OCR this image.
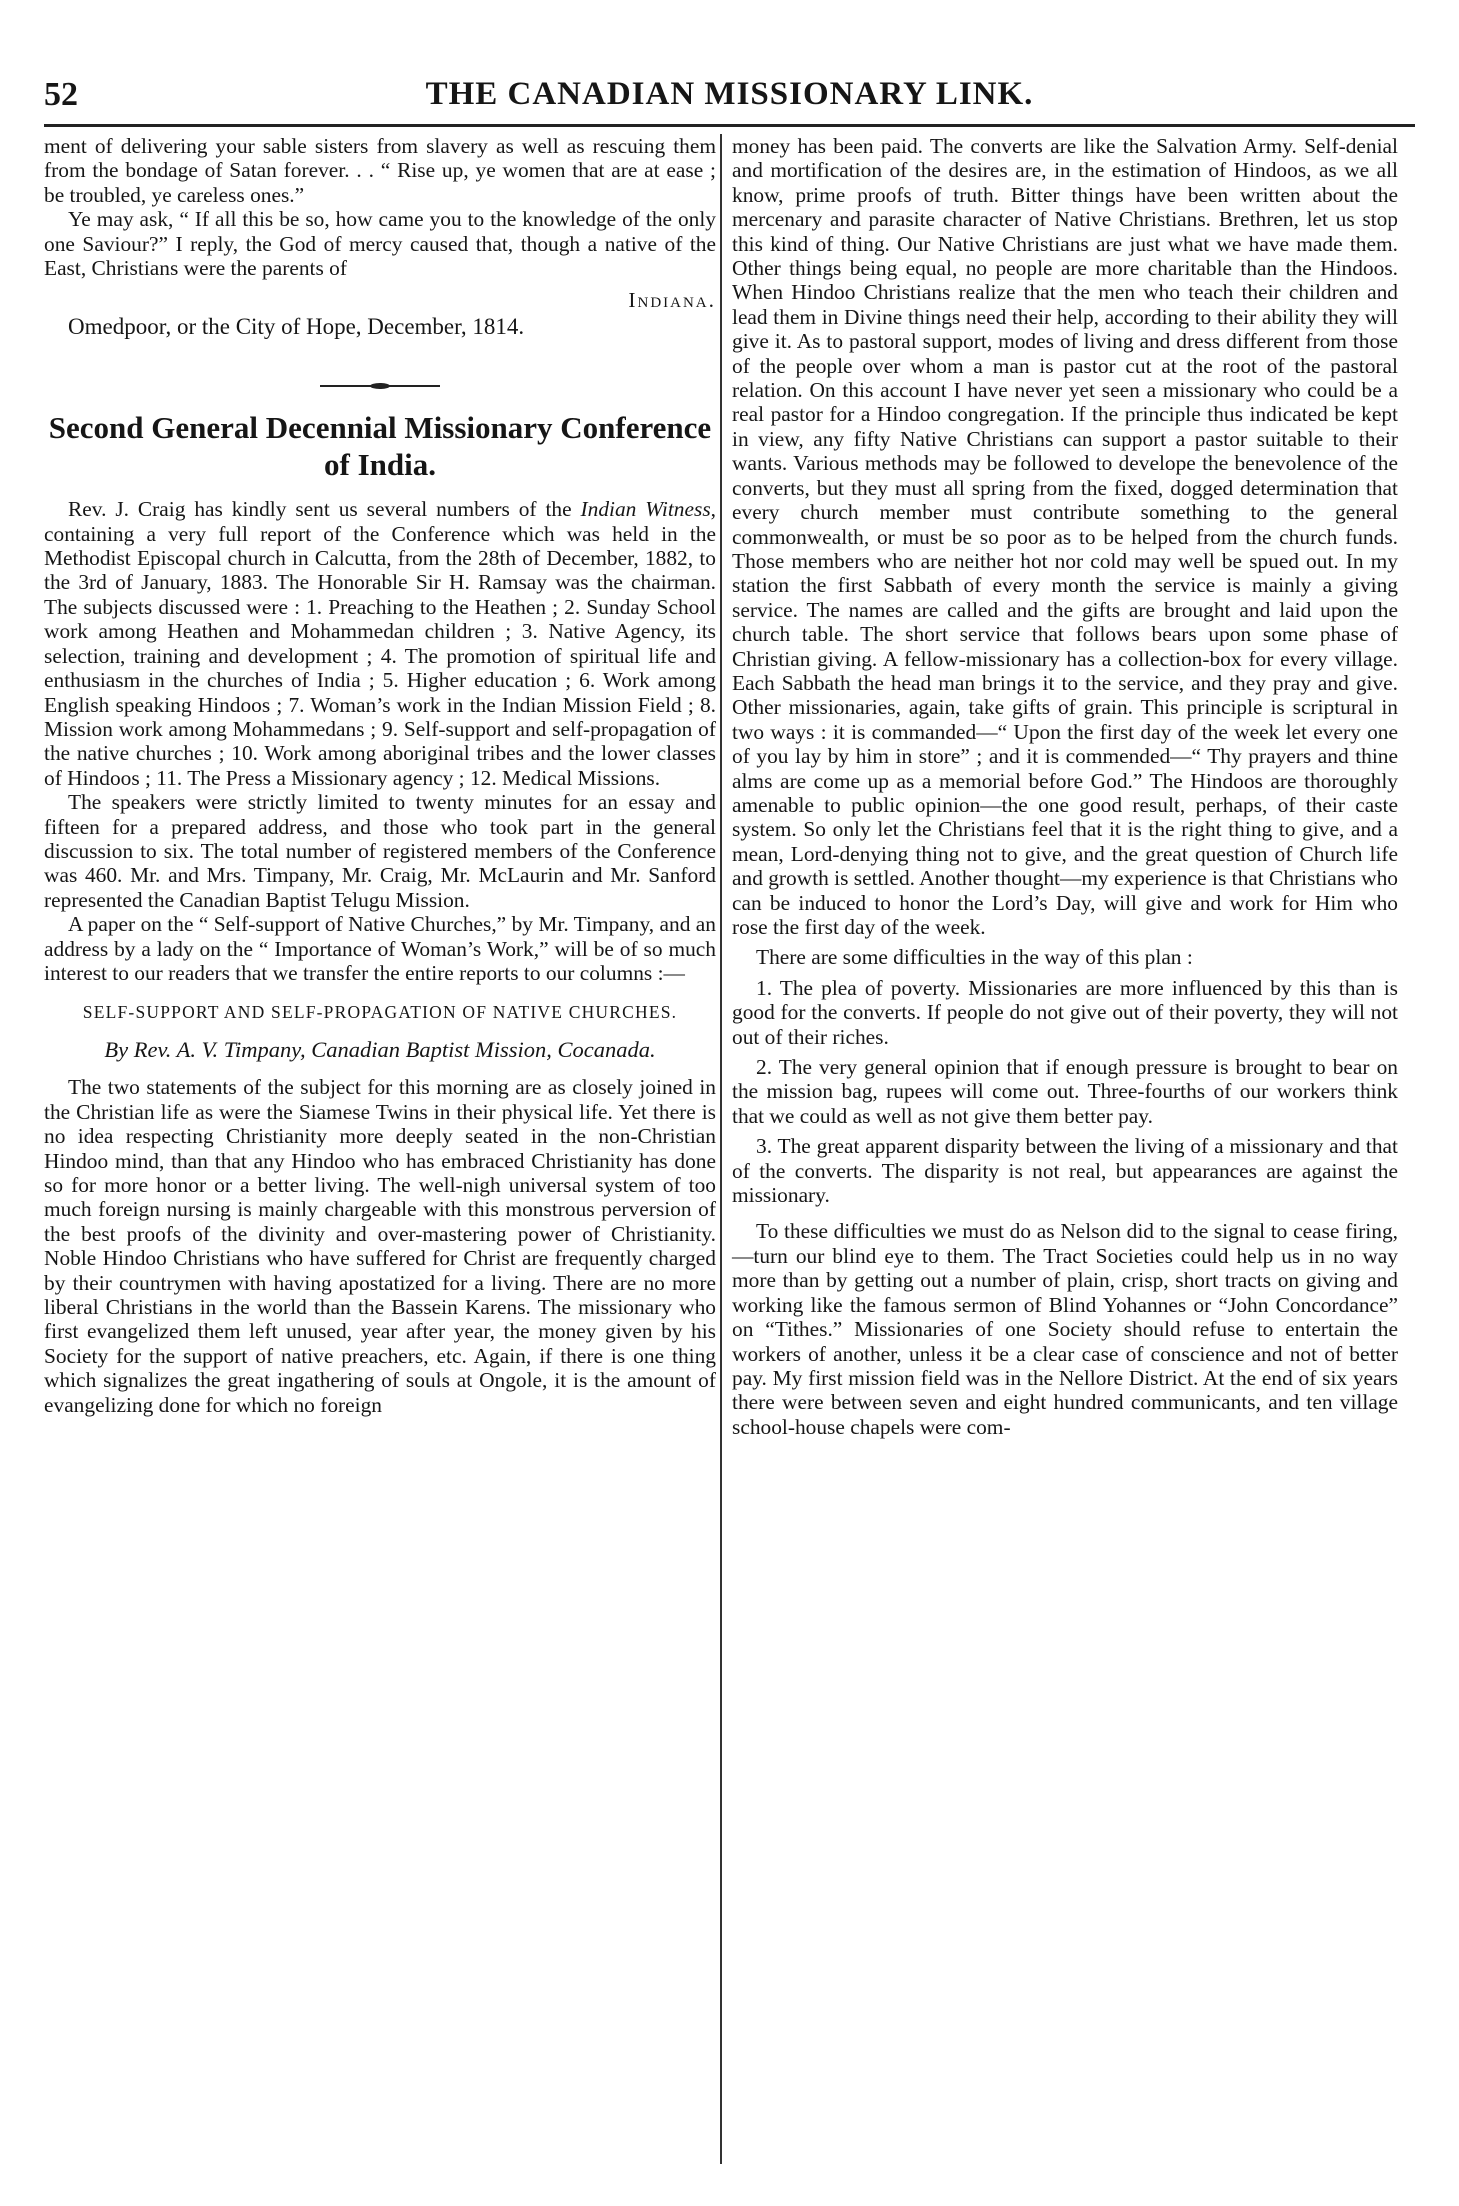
52	THE CANADIAN MISSIONARY LINK.

ment of delivering your sable sisters from slavery as well as rescuing them from the bondage of Satan forever. . . “ Rise up, ye women that are at ease ; be troubled, ye careless ones.”

Ye may ask, “ If all this be so, how came you to the knowledge of the only one Saviour?” I reply, the God of mercy caused that, though a native of the East, Christians were the parents of

Indiana.

Omedpoor, or the City of Hope, December, 1814.

Second General Decennial Missionary Conference of India.

Rev. J. Craig has kindly sent us several numbers of the Indian Witness, containing a very full report of the Conference which was held in the Methodist Episcopal church in Calcutta, from the 28th of December, 1882, to the 3rd of January, 1883. The Honorable Sir H. Ramsay was the chairman. The subjects discussed were : 1. Preaching to the Heathen ; 2. Sunday School work among Heathen and Mohammedan children ; 3. Native Agency, its selection, training and development ; 4. The promotion of spiritual life and enthusiasm in the churches of India ; 5. Higher education ; 6. Work among English speaking Hindoos ; 7. Woman’s work in the Indian Mission Field ; 8. Mission work among Mohammedans ; 9. Self-support and self-propagation of the native churches ; 10. Work among aboriginal tribes and the lower classes of Hindoos ; 11. The Press a Missionary agency ; 12. Medical Missions.

The speakers were strictly limited to twenty minutes for an essay and fifteen for a prepared address, and those who took part in the general discussion to six. The total number of registered members of the Conference was 460. Mr. and Mrs. Timpany, Mr. Craig, Mr. McLaurin and Mr. Sanford represented the Canadian Baptist Telugu Mission.

A paper on the “ Self-support of Native Churches,” by Mr. Timpany, and an address by a lady on the “ Importance of Woman’s Work,” will be of so much interest to our readers that we transfer the entire reports to our columns :—

SELF-SUPPORT AND SELF-PROPAGATION OF NATIVE CHURCHES.
By Rev. A. V. Timpany, Canadian Baptist Mission, Cocanada.

The two statements of the subject for this morning are as closely joined in the Christian life as were the Siamese Twins in their physical life. Yet there is no idea respecting Christianity more deeply seated in the non-Christian Hindoo mind, than that any Hindoo who has embraced Christianity has done so for more honor or a better living. The well-nigh universal system of too much foreign nursing is mainly chargeable with this monstrous perversion of the best proofs of the divinity and over-mastering power of Christianity. Noble Hindoo Christians who have suffered for Christ are frequently charged by their countrymen with having apostatized for a living. There are no more liberal Christians in the world than the Bassein Karens. The missionary who first evangelized them left unused, year after year, the money given by his Society for the support of native preachers, etc. Again, if there is one thing which signalizes the great ingathering of souls at Ongole, it is the amount of evangelizing done for which no foreign

money has been paid. The converts are like the Salvation Army. Self-denial and mortification of the desires are, in the estimation of Hindoos, as we all know, prime proofs of truth. Bitter things have been written about the mercenary and parasite character of Native Christians. Brethren, let us stop this kind of thing. Our Native Christians are just what we have made them. Other things being equal, no people are more charitable than the Hindoos. When Hindoo Christians realize that the men who teach their children and lead them in Divine things need their help, according to their ability they will give it. As to pastoral support, modes of living and dress different from those of the people over whom a man is pastor cut at the root of the pastoral relation. On this account I have never yet seen a missionary who could be a real pastor for a Hindoo congregation. If the principle thus indicated be kept in view, any fifty Native Christians can support a pastor suitable to their wants. Various methods may be followed to develope the benevolence of the converts, but they must all spring from the fixed, dogged determination that every church member must contribute something to the general commonwealth, or must be so poor as to be helped from the church funds. Those members who are neither hot nor cold may well be spued out. In my station the first Sabbath of every month the service is mainly a giving service. The names are called and the gifts are brought and laid upon the church table. The short service that follows bears upon some phase of Christian giving. A fellow-missionary has a collection-box for every village. Each Sabbath the head man brings it to the service, and they pray and give. Other missionaries, again, take gifts of grain. This principle is scriptural in two ways : it is commanded—“ Upon the first day of the week let every one of you lay by him in store” ; and it is commended—“ Thy prayers and thine alms are come up as a memorial before God.” The Hindoos are thoroughly amenable to public opinion—the one good result, perhaps, of their caste system. So only let the Christians feel that it is the right thing to give, and a mean, Lord-denying thing not to give, and the great question of Church life and growth is settled. Another thought—my experience is that Christians who can be induced to honor the Lord’s Day, will give and work for Him who rose the first day of the week.

There are some difficulties in the way of this plan :

1. The plea of poverty. Missionaries are more influenced by this than is good for the converts. If people do not give out of their poverty, they will not out of their riches.

2. The very general opinion that if enough pressure is brought to bear on the mission bag, rupees will come out. Three-fourths of our workers think that we could as well as not give them better pay.

3. The great apparent disparity between the living of a missionary and that of the converts. The disparity is not real, but appearances are against the missionary.

To these difficulties we must do as Nelson did to the signal to cease firing,—turn our blind eye to them. The Tract Societies could help us in no way more than by getting out a number of plain, crisp, short tracts on giving and working like the famous sermon of Blind Yohannes or “John Concordance” on “Tithes.” Missionaries of one Society should refuse to entertain the workers of another, unless it be a clear case of conscience and not of better pay. My first mission field was in the Nellore District. At the end of six years there were between seven and eight hundred communicants, and ten village school-house chapels were com-
